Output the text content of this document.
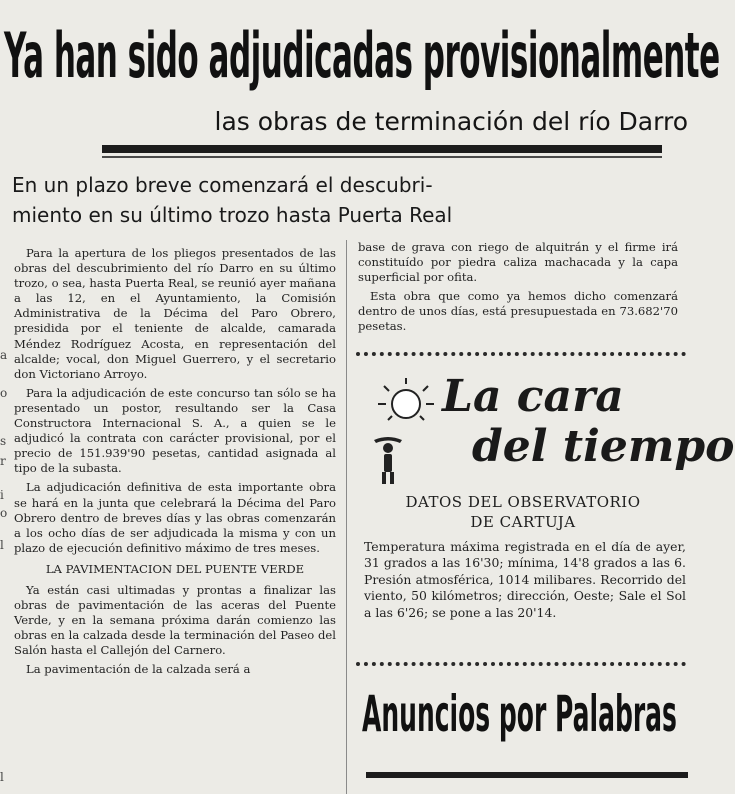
Ya han sido adjudicadas provisionalmente
las obras de terminación del río Darro
En un plazo breve comenzará el descubri-
miento en su último trozo hasta Puerta Real

Para la apertura de los pliegos presentados de las obras del descubrimiento del río Darro en su último trozo, o sea, hasta Puerta Real, se reunió ayer mañana a las 12, en el Ayuntamiento, la Comisión Administrativa de la Décima del Paro Obrero, presidida por el teniente de alcalde, camarada Méndez Rodríguez Acosta, en representación del alcalde; vocal, don Miguel Guerrero, y el secretario don Victoriano Arroyo.

Para la adjudicación de este concurso tan sólo se ha presentado un postor, resultando ser la Casa Constructora Internacional S. A., a quien se le adjudicó la contrata con carácter provisional, por el precio de 151.939'90 pesetas, cantidad asignada al tipo de la subasta.

La adjudicación definitiva de esta importante obra se hará en la junta que celebrará la Décima del Paro Obrero dentro de breves días y las obras comenzarán a los ocho días de ser adjudicada la misma y con un plazo de ejecución definitivo máximo de tres meses.

LA PAVIMENTACION DEL PUENTE VERDE

Ya están casi ultimadas y prontas a finalizar las obras de pavimentación de las aceras del Puente Verde, y en la semana próxima darán comienzo las obras en la calzada desde la terminación del Paseo del Salón hasta el Callejón del Carnero.

La pavimentación de la calzada será a

base de grava con riego de alquitrán y el firme irá constituído por piedra caliza machacada y la capa superficial por ofita.

Esta obra que como ya hemos dicho comenzará dentro de unos días, está presupuestada en 73.682'70 pesetas.

La cara
del tiempo
DATOS DEL OBSERVATORIO
DE CARTUJA
Temperatura máxima registrada en el día de ayer, 31 grados a las 16'30; mínima, 14'8 grados a las 6. Presión atmosférica, 1014 milibares. Recorrido del viento, 50 kilómetros; dirección, Oeste; Sale el Sol a las 6'26; se pone a las 20'14.
Anuncios por Palabras
a
o
s
r
i
o
l
l
